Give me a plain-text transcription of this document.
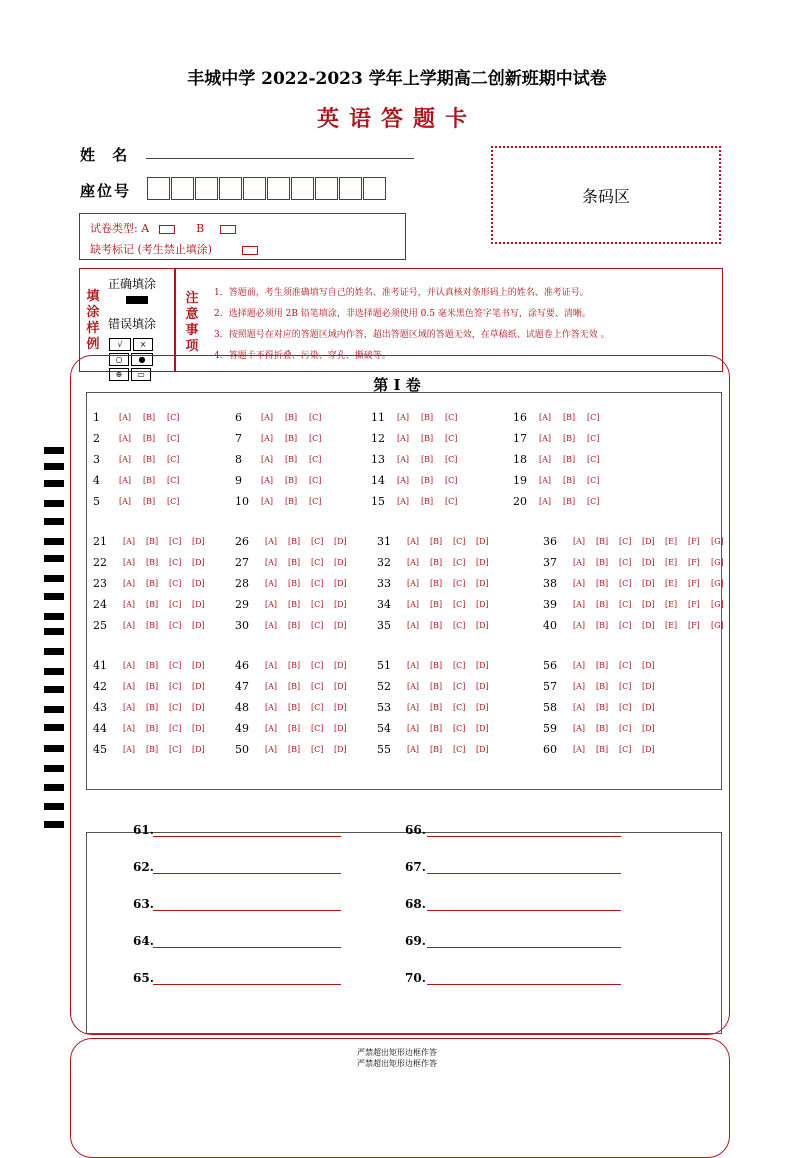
丰城中学 2022-2023 学年上学期高二创新班期中试卷
英语答题卡
姓 名
座位号	条码区
试卷类型: A	B
缺考标记 (考生禁止填涂)
填涂样例
正确填涂
错误填涂
√	×
○	●
⊕	▭
注意事项
1．答题前，考生须准确填写自己的姓名、准考证号，并认真核对条形码上的姓名、准考证号。
2．选择题必须用 2B 铅笔填涂，非选择题必须使用 0.5 毫米黑色签字笔书写，涂写要、清晰。
3．按照题号在对应的答题区域内作答，超出答题区域的答题无效，在草稿纸、试题卷上作答无效 。
4．答题卡不得折叠、污染、穿孔、撕破等。
第 I 卷
1 [A] [B] [C]
2 [A] [B] [C]
3 [A] [B] [C]
4 [A] [B] [C]
5 [A] [B] [C]
6 [A] [B] [C]
7 [A] [B] [C]
8 [A] [B] [C]
9 [A] [B] [C]
10 [A] [B] [C]
11 [A] [B] [C]
12 [A] [B] [C]
13 [A] [B] [C]
14 [A] [B] [C]
15 [A] [B] [C]
16 [A] [B] [C]
17 [A] [B] [C]
18 [A] [B] [C]
19 [A] [B] [C]
20 [A] [B] [C]
21 [A] [B] [C] [D]
22 [A] [B] [C] [D]
23 [A] [B] [C] [D]
24 [A] [B] [C] [D]
25 [A] [B] [C] [D]
26 [A] [B] [C] [D]
27 [A] [B] [C] [D]
28 [A] [B] [C] [D]
29 [A] [B] [C] [D]
30 [A] [B] [C] [D]
31 [A] [B] [C] [D]
32 [A] [B] [C] [D]
33 [A] [B] [C] [D]
34 [A] [B] [C] [D]
35 [A] [B] [C] [D]
36 [A] [B] [C] [D] [E] [F] [G]
37 [A] [B] [C] [D] [E] [F] [G]
38 [A] [B] [C] [D] [E] [F] [G]
39 [A] [B] [C] [D] [E] [F] [G]
40 [A] [B] [C] [D] [E] [F] [G]
41 [A] [B] [C] [D]
42 [A] [B] [C] [D]
43 [A] [B] [C] [D]
44 [A] [B] [C] [D]
45 [A] [B] [C] [D]
46 [A] [B] [C] [D]
47 [A] [B] [C] [D]
48 [A] [B] [C] [D]
49 [A] [B] [C] [D]
50 [A] [B] [C] [D]
51 [A] [B] [C] [D]
52 [A] [B] [C] [D]
53 [A] [B] [C] [D]
54 [A] [B] [C] [D]
55 [A] [B] [C] [D]
56 [A] [B] [C] [D]
57 [A] [B] [C] [D]
58 [A] [B] [C] [D]
59 [A] [B] [C] [D]
60 [A] [B] [C] [D]
61.
62.
63.
64.
65.
66.
67.
68.
69.
70.
严禁超出矩形边框作答
严禁超出矩形边框作答
